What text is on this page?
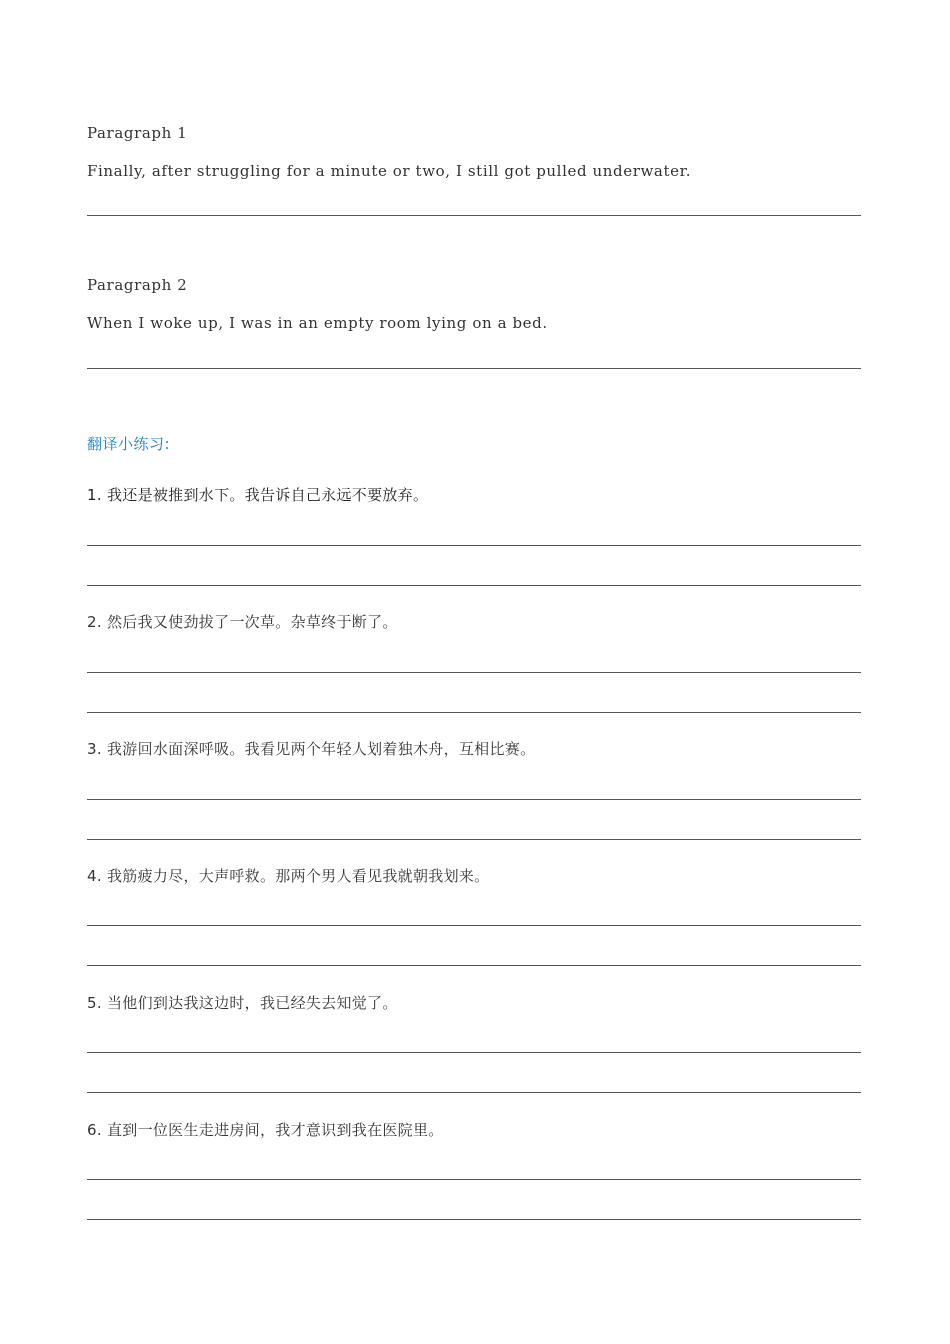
Paragraph 1
Finally, after struggling for a minute or two, I still got pulled underwater.
Paragraph 2
When I woke up, I was in an empty room lying on a bed.
翻译小练习:
1. 我还是被推到水下。我告诉自己永远不要放弃。
2. 然后我又使劲拔了一次草。杂草终于断了。
3. 我游回水面深呼吸。我看见两个年轻人划着独木舟，互相比赛。
4. 我筋疲力尽，大声呼救。那两个男人看见我就朝我划来。
5. 当他们到达我这边时，我已经失去知觉了。
6. 直到一位医生走进房间，我才意识到我在医院里。
